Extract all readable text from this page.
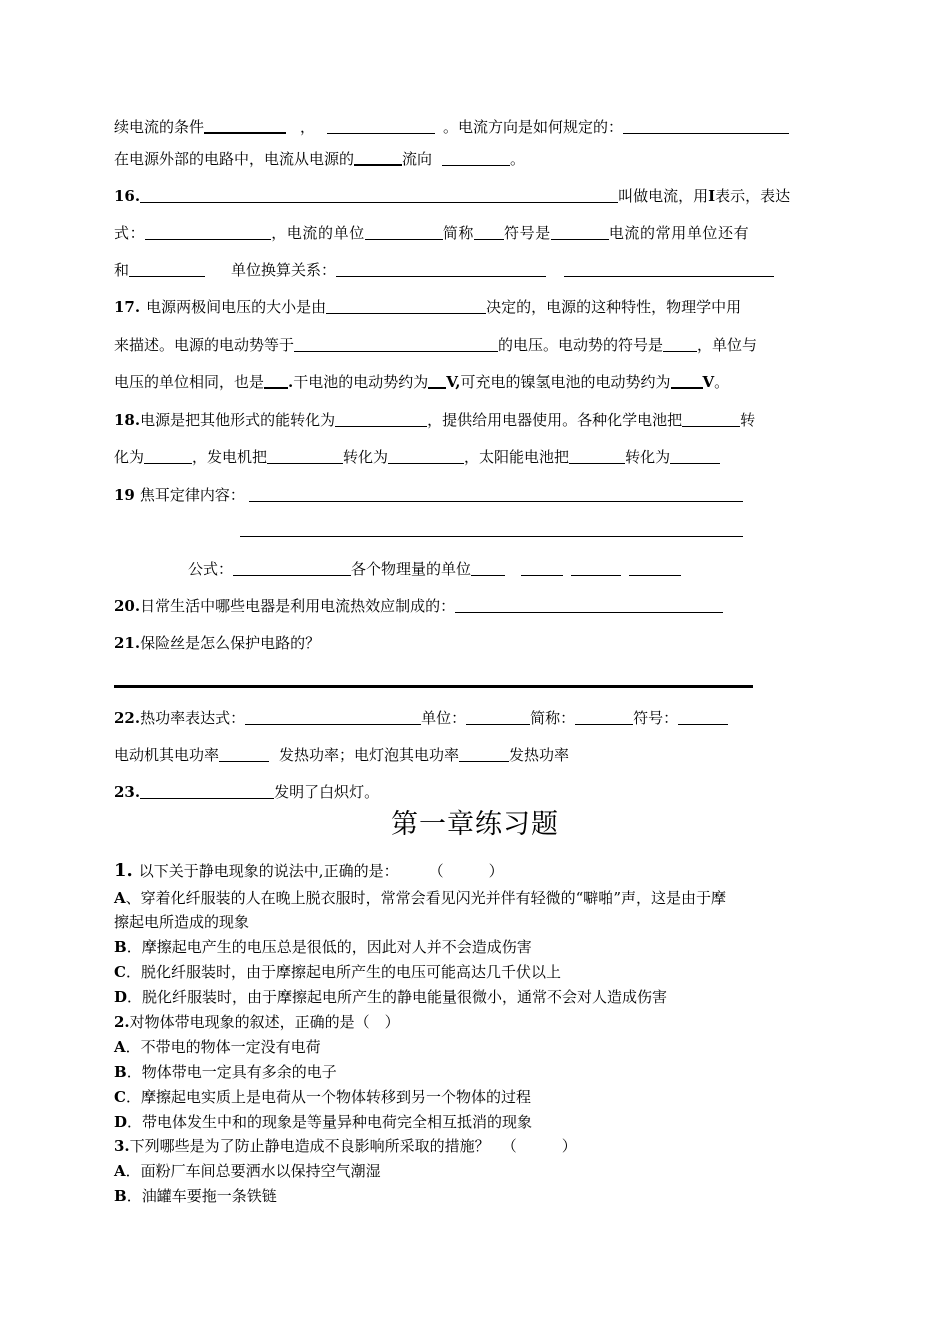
续电流的条件	，	。电流方向是如何规定的：
在电源外部的电路中，电流从电源的	流向	。
16.	叫做电流，用I表示，表达
式：	，电流的单位	简称 符号是	电流的常用单位还有
和	单位换算关系：
17. 电源两极间电压的大小是由	决定的，电源的这种特性，物理学中用
来描述。电源的电动势等于	的电压。电动势的符号是 ，单位与
电压的单位相同，也是 .干电池的电动势约为 V,可充电的镍氢电池的电动势约为 V。
18.电源是把其他形式的能转化为	，提供给用电器使用。各种化学电池把	转
化为	，发电机把	转化为	，太阳能电池把	转化为
19 焦耳定律内容：
公式：	各个物理量的单位
20.日常生活中哪些电器是利用电流热效应制成的：
21.保险丝是怎么保护电路的？
22.热功率表达式：	单位：	简称：	符号：
电动机其电功率	发热功率；电灯泡其电功率	发热功率
23.	发明了白炽灯。
第一章练习题
1. 以下关于静电现象的说法中,正确的是： （　　　）
A、穿着化纤服装的人在晚上脱衣服时，常常会看见闪光并伴有轻微的“噼啪”声，这是由于摩
擦起电所造成的现象
B．摩擦起电产生的电压总是很低的，因此对人并不会造成伤害
C．脱化纤服装时，由于摩擦起电所产生的电压可能高达几千伏以上
D．脱化纤服装时，由于摩擦起电所产生的静电能量很微小，通常不会对人造成伤害
2.对物体带电现象的叙述，正确的是（　）
A．不带电的物体一定没有电荷
B．物体带电一定具有多余的电子
C．摩擦起电实质上是电荷从一个物体转移到另一个物体的过程
D．带电体发生中和的现象是等量异种电荷完全相互抵消的现象
3.下列哪些是为了防止静电造成不良影响所采取的措施？ （　　　）
A．面粉厂车间总要洒水以保持空气潮湿
B．油罐车要拖一条铁链
